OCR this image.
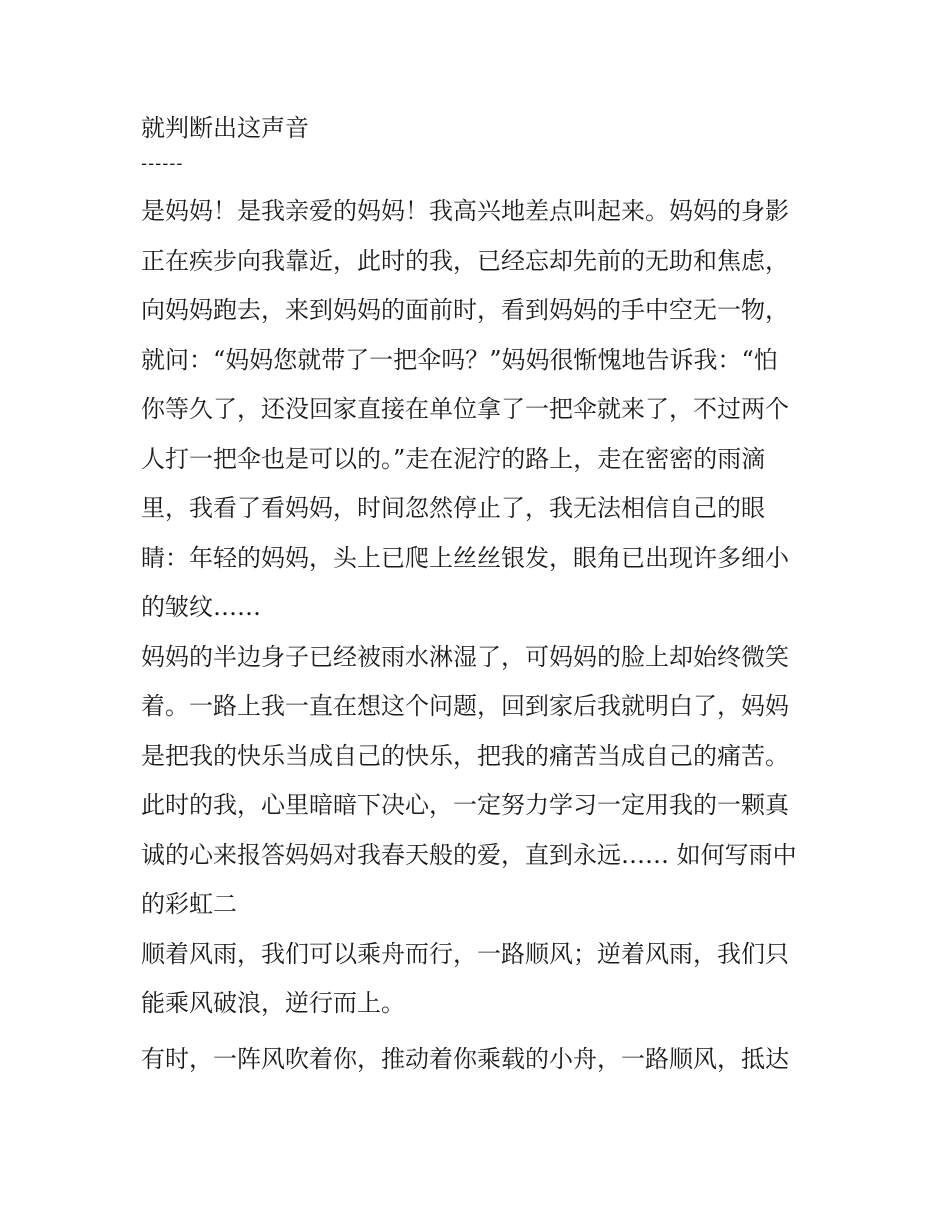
就判断出这声音
------
是妈妈！是我亲爱的妈妈！我高兴地差点叫起来。妈妈的身影
正在疾步向我靠近，此时的我，已经忘却先前的无助和焦虑，
向妈妈跑去，来到妈妈的面前时，看到妈妈的手中空无一物，
就问：“妈妈您就带了一把伞吗？”妈妈很惭愧地告诉我：“怕
你等久了，还没回家直接在单位拿了一把伞就来了，不过两个
人打一把伞也是可以的。”走在泥泞的路上，走在密密的雨滴
里，我看了看妈妈，时间忽然停止了，我无法相信自己的眼
睛：年轻的妈妈，头上已爬上丝丝银发，眼角已出现许多细小
的皱纹……
妈妈的半边身子已经被雨水淋湿了，可妈妈的脸上却始终微笑
着。一路上我一直在想这个问题，回到家后我就明白了，妈妈
是把我的快乐当成自己的快乐，把我的痛苦当成自己的痛苦。
此时的我，心里暗暗下决心，一定努力学习一定用我的一颗真
诚的心来报答妈妈对我春天般的爱，直到永远…… 如何写雨中
的彩虹二
顺着风雨，我们可以乘舟而行，一路顺风；逆着风雨，我们只
能乘风破浪，逆行而上。
有时，一阵风吹着你，推动着你乘载的小舟，一路顺风，抵达
